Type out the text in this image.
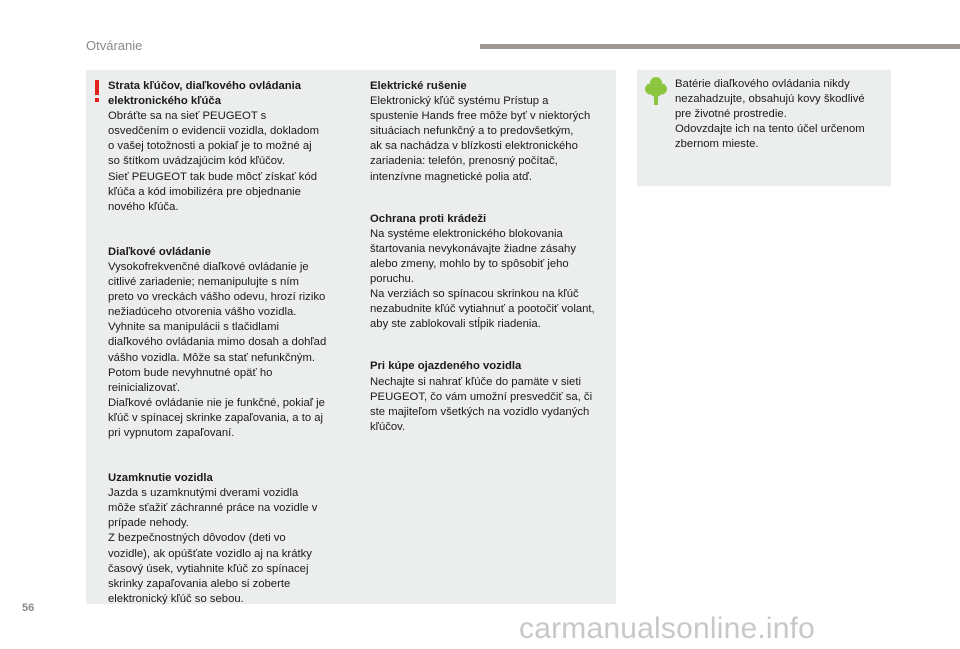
Otváranie

Strata kľúčov, diaľkového ovládania

elektronického kľúča

Obráťte sa na sieť PEUGEOT s

osvedčením o evidencii vozidla, dokladom

o vašej totožnosti a pokiaľ je to možné aj

so štítkom uvádzajúcim kód kľúčov.

Sieť PEUGEOT tak bude môcť získať kód

kľúča a kód imobilizéra pre objednanie

nového kľúča.

Diaľkové ovládanie

Vysokofrekvenčné diaľkové ovládanie je

citlivé zariadenie; nemanipulujte s ním

preto vo vreckách vášho odevu, hrozí riziko

nežiadúceho otvorenia vášho vozidla.

Vyhnite sa manipulácii s tlačidlami

diaľkového ovládania mimo dosah a dohľad

vášho vozidla. Môže sa stať nefunkčným.

Potom bude nevyhnutné opäť ho

reinicializovať.

Diaľkové ovládanie nie je funkčné, pokiaľ je

kľúč v spínacej skrinke zapaľovania, a to aj

pri vypnutom zapaľovaní.

Uzamknutie vozidla

Jazda s uzamknutými dverami vozidla

môže sťažiť záchranné práce na vozidle v

prípade nehody.

Z bezpečnostných dôvodov (deti vo

vozidle), ak opúšťate vozidlo aj na krátky

časový úsek, vytiahnite kľúč zo spínacej

skrinky zapaľovania alebo si zoberte

elektronický kľúč so sebou.

Elektrické rušenie

Elektronický kľúč systému Prístup a

spustenie Hands free môže byť v niektorých

situáciach nefunkčný a to predovšetkým,

ak sa nachádza v blízkosti elektronického

zariadenia: telefón, prenosný počítač,

intenzívne magnetické polia atď.

Ochrana proti krádeži

Na systéme elektronického blokovania

štartovania nevykonávajte žiadne zásahy

alebo zmeny, mohlo by to spôsobiť jeho

poruchu.

Na verziách so spínacou skrinkou na kľúč

nezabudnite kľúč vytiahnuť a pootočiť volant,

aby ste zablokovali stĺpik riadenia.

Pri kúpe ojazdeného vozidla

Nechajte si nahrať kľúče do pamäte v sieti

PEUGEOT, čo vám umožní presvedčiť sa, či

ste majiteľom všetkých na vozidlo vydaných

kľúčov.

Batérie diaľkového ovládania nikdy

nezahadzujte, obsahujú kovy škodlivé

pre životné prostredie.

Odovzdajte ich na tento účel určenom

zbernom mieste.

56
carmanualsonline.info
